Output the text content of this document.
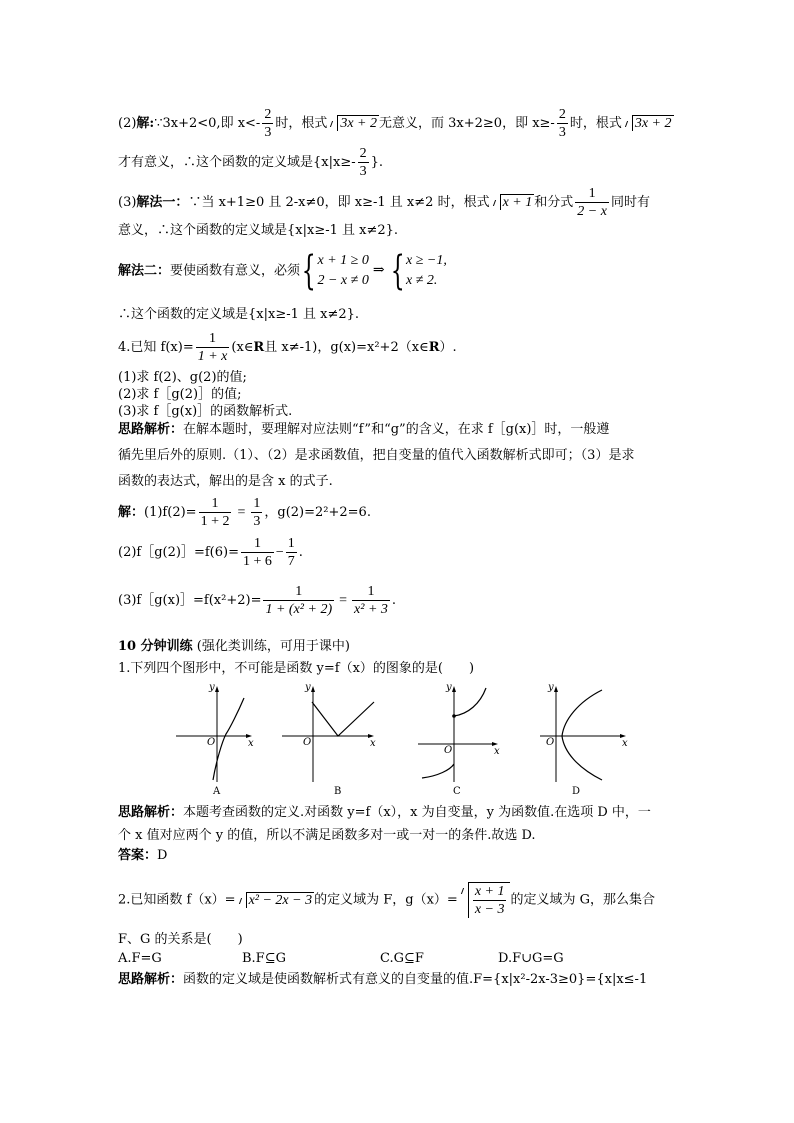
(2)解:∵3x+2<0,即 $x<- \frac{2}{3}$ 时，根式 3x + 2 无意义，而 3x+2≥0，即 $x\ge- \frac{2}{3}$ 时，根式 3x + 2
才有意义，∴这个函数的定义域是{$x|x\ge- \frac{2}{3}$ }.
(3)解法一：∵当 x+1≥0 且 2-x≠0，即 x≥-1 且 x≠2 时，根式 x + 1 和分式 $\frac{1}{2 - x}$ 同时有
意义，∴这个函数的定义域是{x|x≥-1 且 x≠2}.
解法二：要使函数有意义，必须{ x + 1 ≥ 0
2 − x ≠ 0
⇒ { x ≥ −1,
x ≠ 2.
∴这个函数的定义域是{x|x≥-1 且 x≠2}.
4.已知 $f(x)= \frac{1}{1 + x}$ (x∈R且 x≠-1)，g(x)=x²+2（x∈R）.
(1)求 f(2)、g(2)的值;
(2)求 f［g(2)］的值;
(3)求 f［g(x)］的函数解析式.
思路解析：在解本题时，要理解对应法则“f”和“g”的含义，在求 f［g(x)］时，一般遵
循先里后外的原则.（1）、（2）是求函数值，把自变量的值代入函数解析式即可；（3）是求
函数的表达式，解出的是含 x 的式子.
解：$(1)f(2)= \frac{1}{1 + 2} = \frac{1}{3}$ ，g(2)=2²+2=6.
(2)f［g(2)］=f(6)= $\frac{1}{1 + 6} - \frac{1}{7}$ .
(3)f［g(x)］=f(x²+2)= $\frac{1}{\text{1 + (x² + 2)}} = \frac{1}{\text{x² + 3}}$ .
10 分钟训练 (强化类训练，可用于课中)
1.下列四个图形中，不可能是函数 y=f（x）的图象的是(　　)
y
x
O
A
y
x
O
B
y
x
O
C
y
x
O
D
思路解析：本题考查函数的定义.对函数 y=f（x），x 为自变量，y 为函数值.在选项 D 中，一
个 x 值对应两个 y 的值，所以不满足函数多对一或一对一的条件.故选 D.
答案：D
2.已知函数 f（x）= x² − 2x − 3 的定义域为 F，$g(x)= \frac{x + 1}{x - 3}$ 的定义域为 G，那么集合
F、G 的关系是(　　)
A.F=G	B.F⊆G	C.G⊆F	D.F∪G=G
思路解析：函数的定义域是使函数解析式有意义的自变量的值.F={x|x²-2x-3≥0}={x|x≤-1
